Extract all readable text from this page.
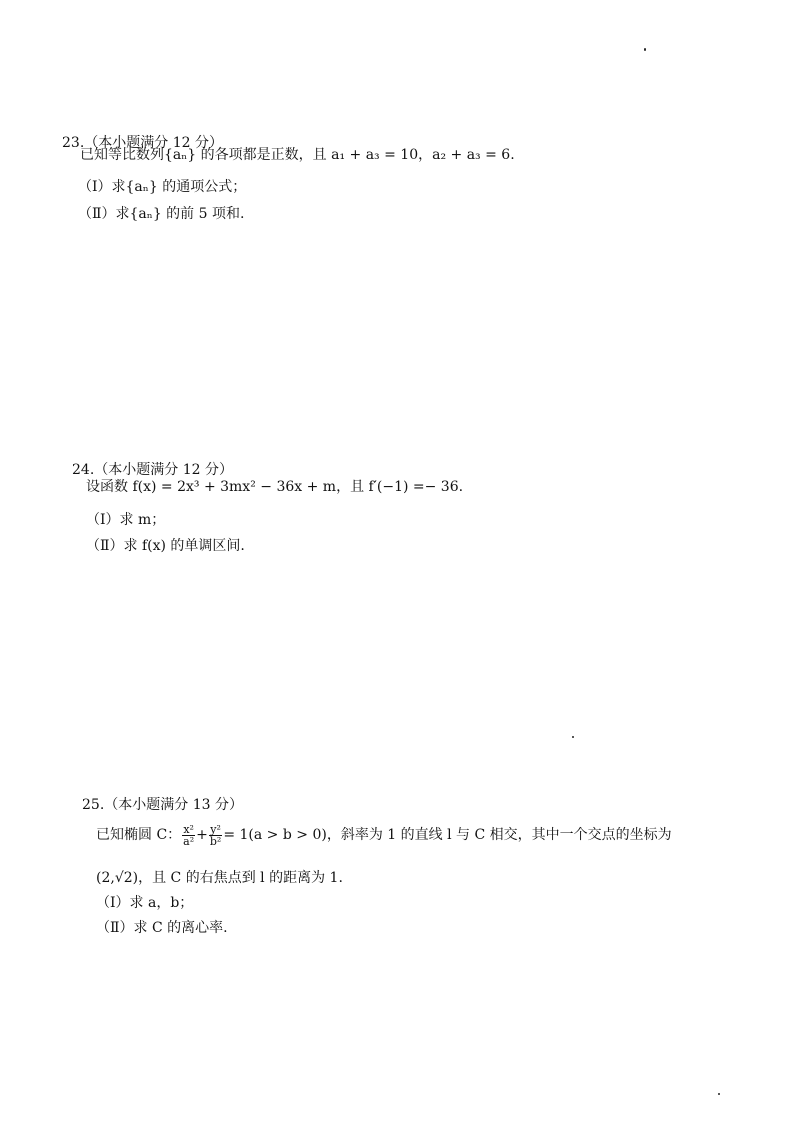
23.（本小题满分 12 分）
已知等比数列{aₙ} 的各项都是正数，且 a₁ + a₃ = 10，a₂ + a₃ = 6.
（Ⅰ）求{aₙ} 的通项公式；
（Ⅱ）求{aₙ} 的前 5 项和.
24.（本小题满分 12 分）
设函数 f(x) = 2x³ + 3mx² − 36x + m，且 f′(−1) =− 36.
（Ⅰ）求 m；
（Ⅱ）求 f(x) 的单调区间.
25.（本小题满分 13 分）
已知椭圆 C： $\frac{\text{x²}}{\text{a²}} + \frac{\text{y²}}{\text{b²}} = 1(a > b > 0)$，斜率为 1 的直线 l 与 C 相交，其中一个交点的坐标为
(2,√2)，且 C 的右焦点到 l 的距离为 1.
（Ⅰ）求 a，b；
（Ⅱ）求 C 的离心率.
